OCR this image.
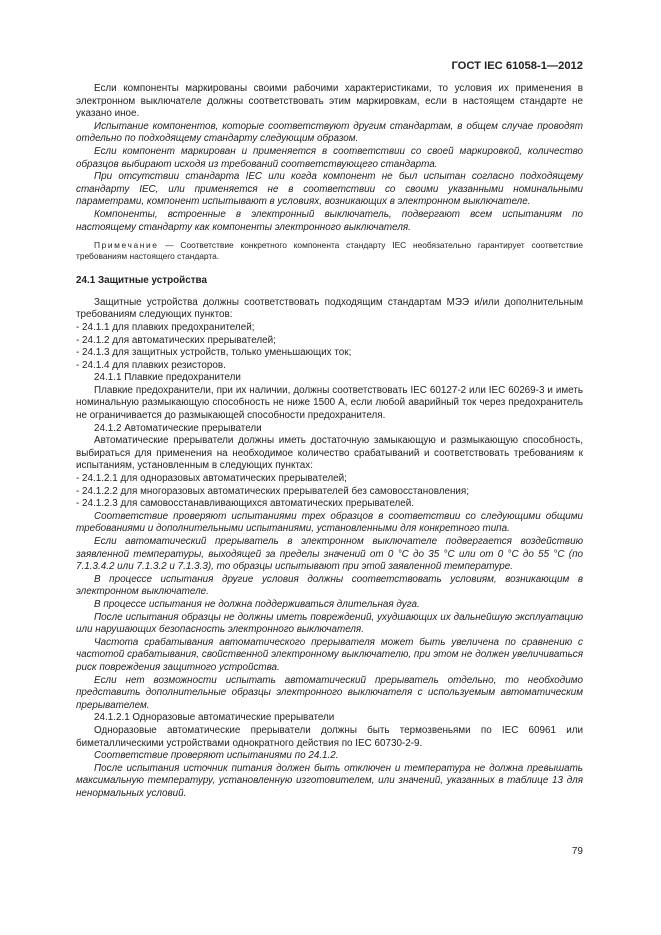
ГОСТ IEC 61058-1—2012

Если компоненты маркированы своими рабочими характеристиками, то условия их применения в электронном выключателе должны соответствовать этим маркировкам, если в настоящем стандарте не указано иное.

Испытание компонентов, которые соответствуют другим стандартам, в общем случае проводят отдельно по подходящему стандарту следующим образом.

Если компонент маркирован и применяется в соответствии со своей маркировкой, количество образцов выбирают исходя из требований соответствующего стандарта.

При отсутствии стандарта IEC или когда компонент не был испытан согласно подходящему стандарту IEC, или применяется не в соответствии со своими указанными номинальными параметрами, компонент испытывают в условиях, возникающих в электронном выключателе.

Компоненты, встроенные в электронный выключатель, подвергают всем испытаниям по настоящему стандарту как компоненты электронного выключателя.

Примечание — Соответствие конкретного компонента стандарту IEC необязательно гарантирует соответствие требованиям настоящего стандарта.

24.1 Защитные устройства

Защитные устройства должны соответствовать подходящим стандартам МЭЭ и/или дополнительным требованиям следующих пунктов:

- 24.1.1 для плавких предохранителей;

- 24.1.2 для автоматических прерывателей;

- 24.1.3 для защитных устройств, только уменьшающих ток;

- 24.1.4 для плавких резисторов.

24.1.1 Плавкие предохранители

Плавкие предохранители, при их наличии, должны соответствовать IEC 60127-2 или IEC 60269-3 и иметь номинальную размыкающую способность не ниже 1500 А, если любой аварийный ток через предохранитель не ограничивается до размыкающей способности предохранителя.

24.1.2 Автоматические прерыватели

Автоматические прерыватели должны иметь достаточную замыкающую и размыкающую способность, выбираться для применения на необходимое количество срабатываний и соответствовать требованиям к испытаниям, установленным в следующих пунктах:

- 24.1.2.1 для одноразовых автоматических прерывателей;

- 24.1.2.2 для многоразовых автоматических прерывателей без самовосстановления;

- 24.1.2.3 для самовосстанавливающихся автоматических прерывателей.

Соответствие проверяют испытаниями трех образцов в соответствии со следующими общими требованиями и дополнительными испытаниями, установленными для конкретного типа.

Если автоматический прерыватель в электронном выключателе подвергается воздействию заявленной температуры, выходящей за пределы значений от 0 °C до 35 °C или от 0 °C до 55 °C (по 7.1.3.4.2 или 7.1.3.2 и 7.1.3.3), то образцы испытывают при этой заявленной температуре.

В процессе испытания другие условия должны соответствовать условиям, возникающим в электронном выключателе.

В процессе испытания не должна поддерживаться длительная дуга.

После испытания образцы не должны иметь повреждений, ухудшающих их дальнейшую эксплуатацию или нарушающих безопасность электронного выключателя.

Частота срабатывания автоматического прерывателя может быть увеличена по сравнению с частотой срабатывания, свойственной электронному выключателю, при этом не должен увеличиваться риск повреждения защитного устройства.

Если нет возможности испытать автоматический прерыватель отдельно, то необходимо представить дополнительные образцы электронного выключателя с используемым автоматическим прерывателем.

24.1.2.1 Одноразовые автоматические прерыватели

Одноразовые автоматические прерыватели должны быть термозвеньями по IEC 60961 или биметаллическими устройствами однократного действия по IEC 60730-2-9.

Соответствие проверяют испытаниями по 24.1.2.

После испытания источник питания должен быть отключен и температура не должна превышать максимальную температуру, установленную изготовителем, или значений, указанных в таблице 13 для ненормальных условий.

79
